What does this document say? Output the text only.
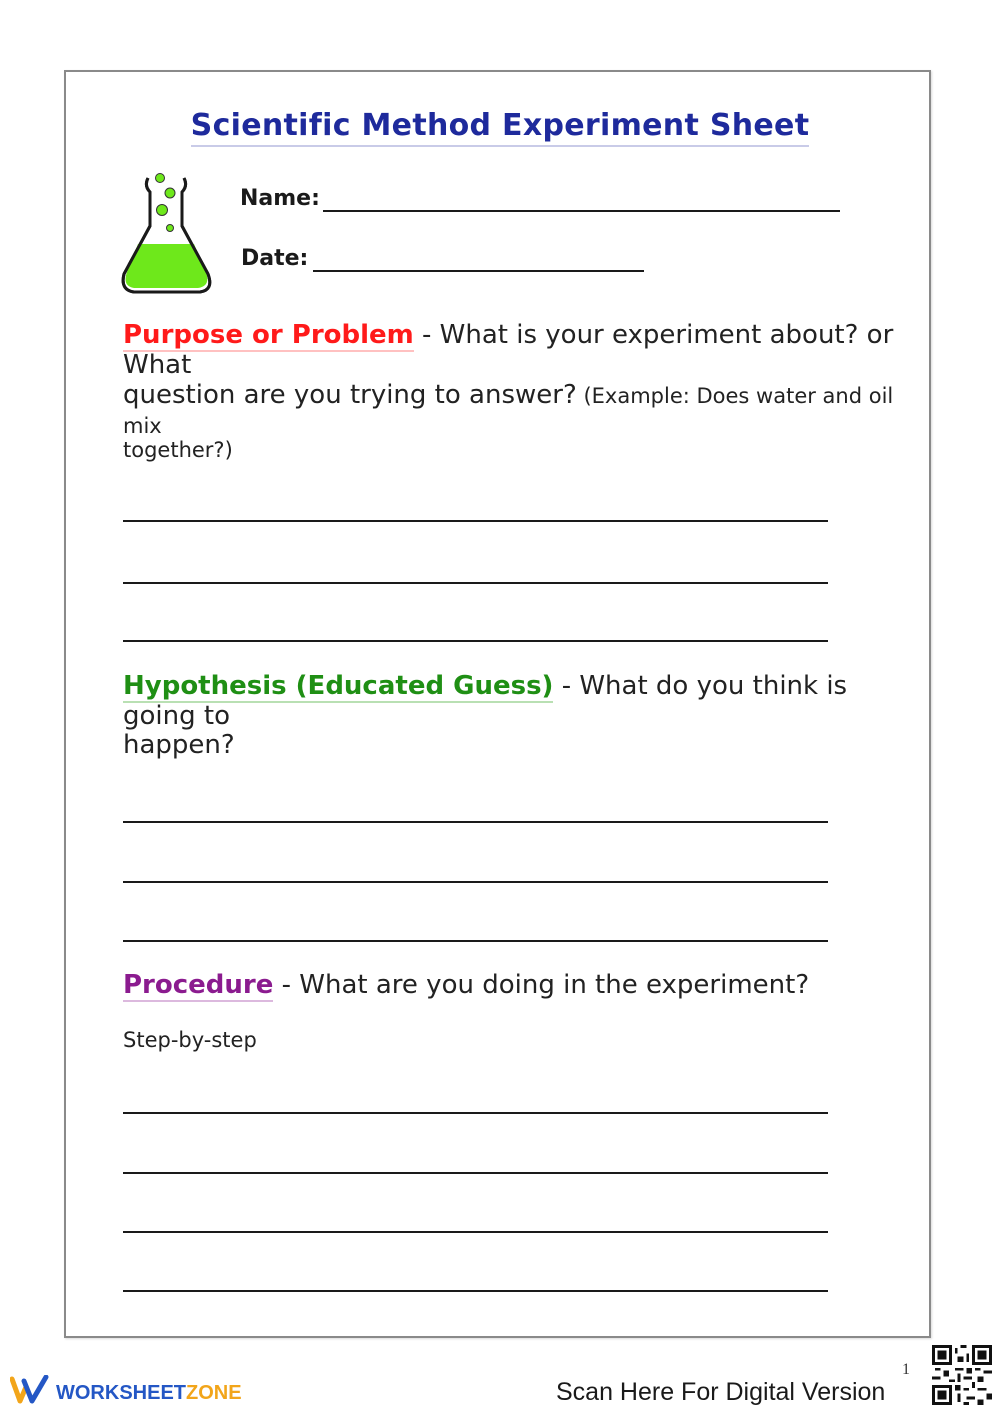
Scientific Method Experiment Sheet
Name:
Date:
Purpose or Problem - What is your experiment about? or What
question are you trying to answer? (Example: Does water and oil mix
together?)
Hypothesis (Educated Guess) - What do you think is going to
happen?
Procedure - What are you doing in the experiment?
Step-by-step
WORKSHEET ZONE
1
Scan Here For Digital Version
